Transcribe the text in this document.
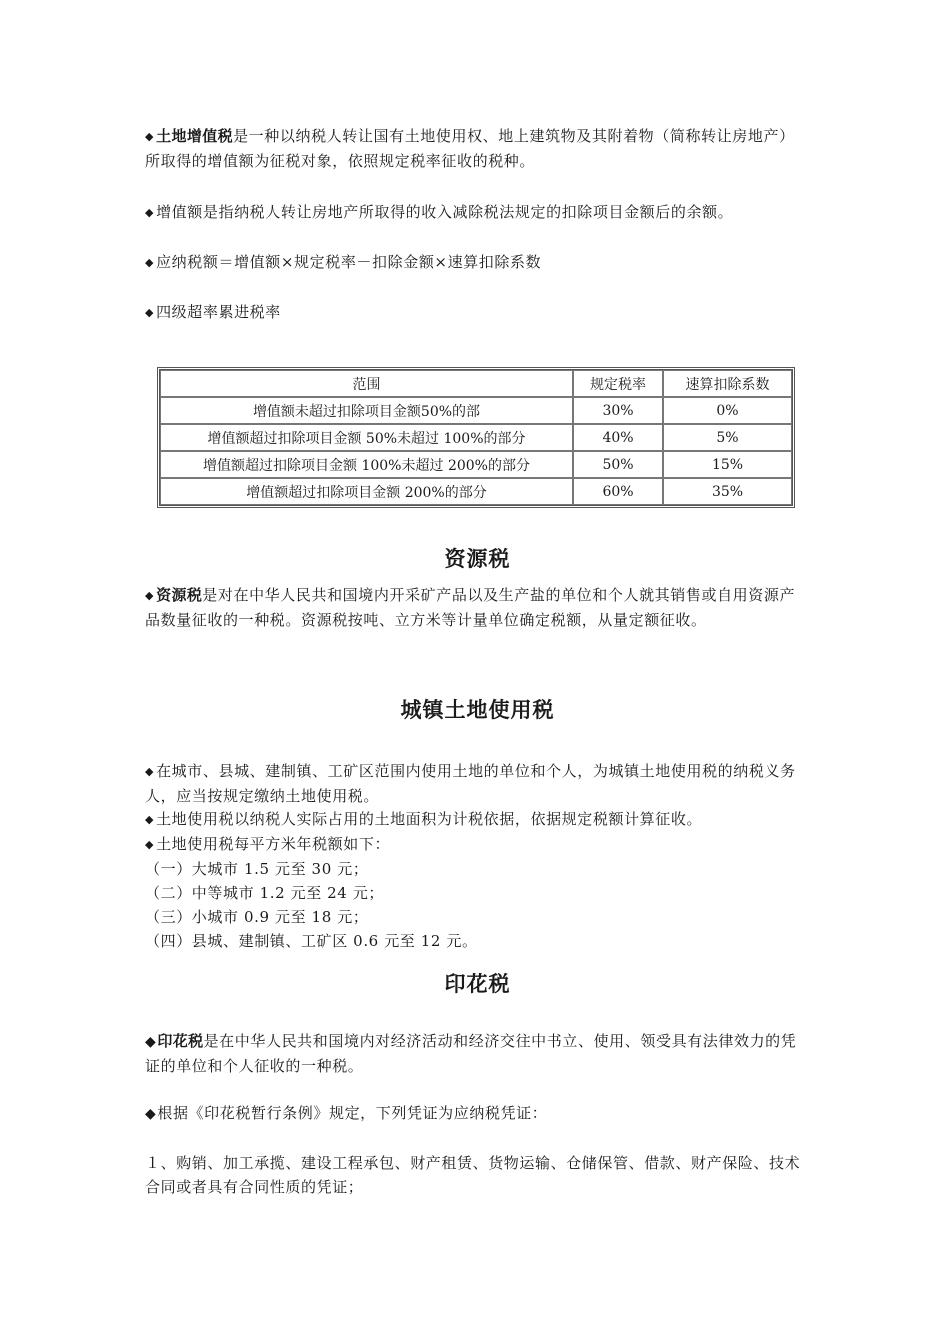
◆ 土地增值税是一种以纳税人转让国有土地使用权、地上建筑物及其附着物（简称转让房地产）所取得的增值额为征税对象，依照规定税率征收的税种。
◆ 增值额是指纳税人转让房地产所取得的收入减除税法规定的扣除项目金额后的余额。
◆ 应纳税额＝增值额×规定税率－扣除金额×速算扣除系数
◆ 四级超率累进税率
范围	规定税率	速算扣除系数
增值额未超过扣除项目金额50%的部	30%	0%
增值额超过扣除项目金额 50%未超过 100%的部分	40%	5%
增值额超过扣除项目金额 100%未超过 200%的部分	50%	15%
增值额超过扣除项目金额 200%的部分	60%	35%
资源税
◆ 资源税是对在中华人民共和国境内开采矿产品以及生产盐的单位和个人就其销售或自用资源产品数量征收的一种税。资源税按吨、立方米等计量单位确定税额，从量定额征收。
城镇土地使用税
◆ 在城市、县城、建制镇、工矿区范围内使用土地的单位和个人，为城镇土地使用税的纳税义务人，应当按规定缴纳土地使用税。
◆ 土地使用税以纳税人实际占用的土地面积为计税依据，依据规定税额计算征收。
◆ 土地使用税每平方米年税额如下：
（一）大城市 1.5 元至 30 元；
（二）中等城市 1.2 元至 24 元；
（三）小城市 0.9 元至 18 元；
（四）县城、建制镇、工矿区 0.6 元至 12 元。
印花税
◆印花税是在中华人民共和国境内对经济活动和经济交往中书立、使用、领受具有法律效力的凭证的单位和个人征收的一种税。
◆根据《印花税暂行条例》规定，下列凭证为应纳税凭证：
１、购销、加工承揽、建设工程承包、财产租赁、货物运输、仓储保管、借款、财产保险、技术合同或者具有合同性质的凭证；
